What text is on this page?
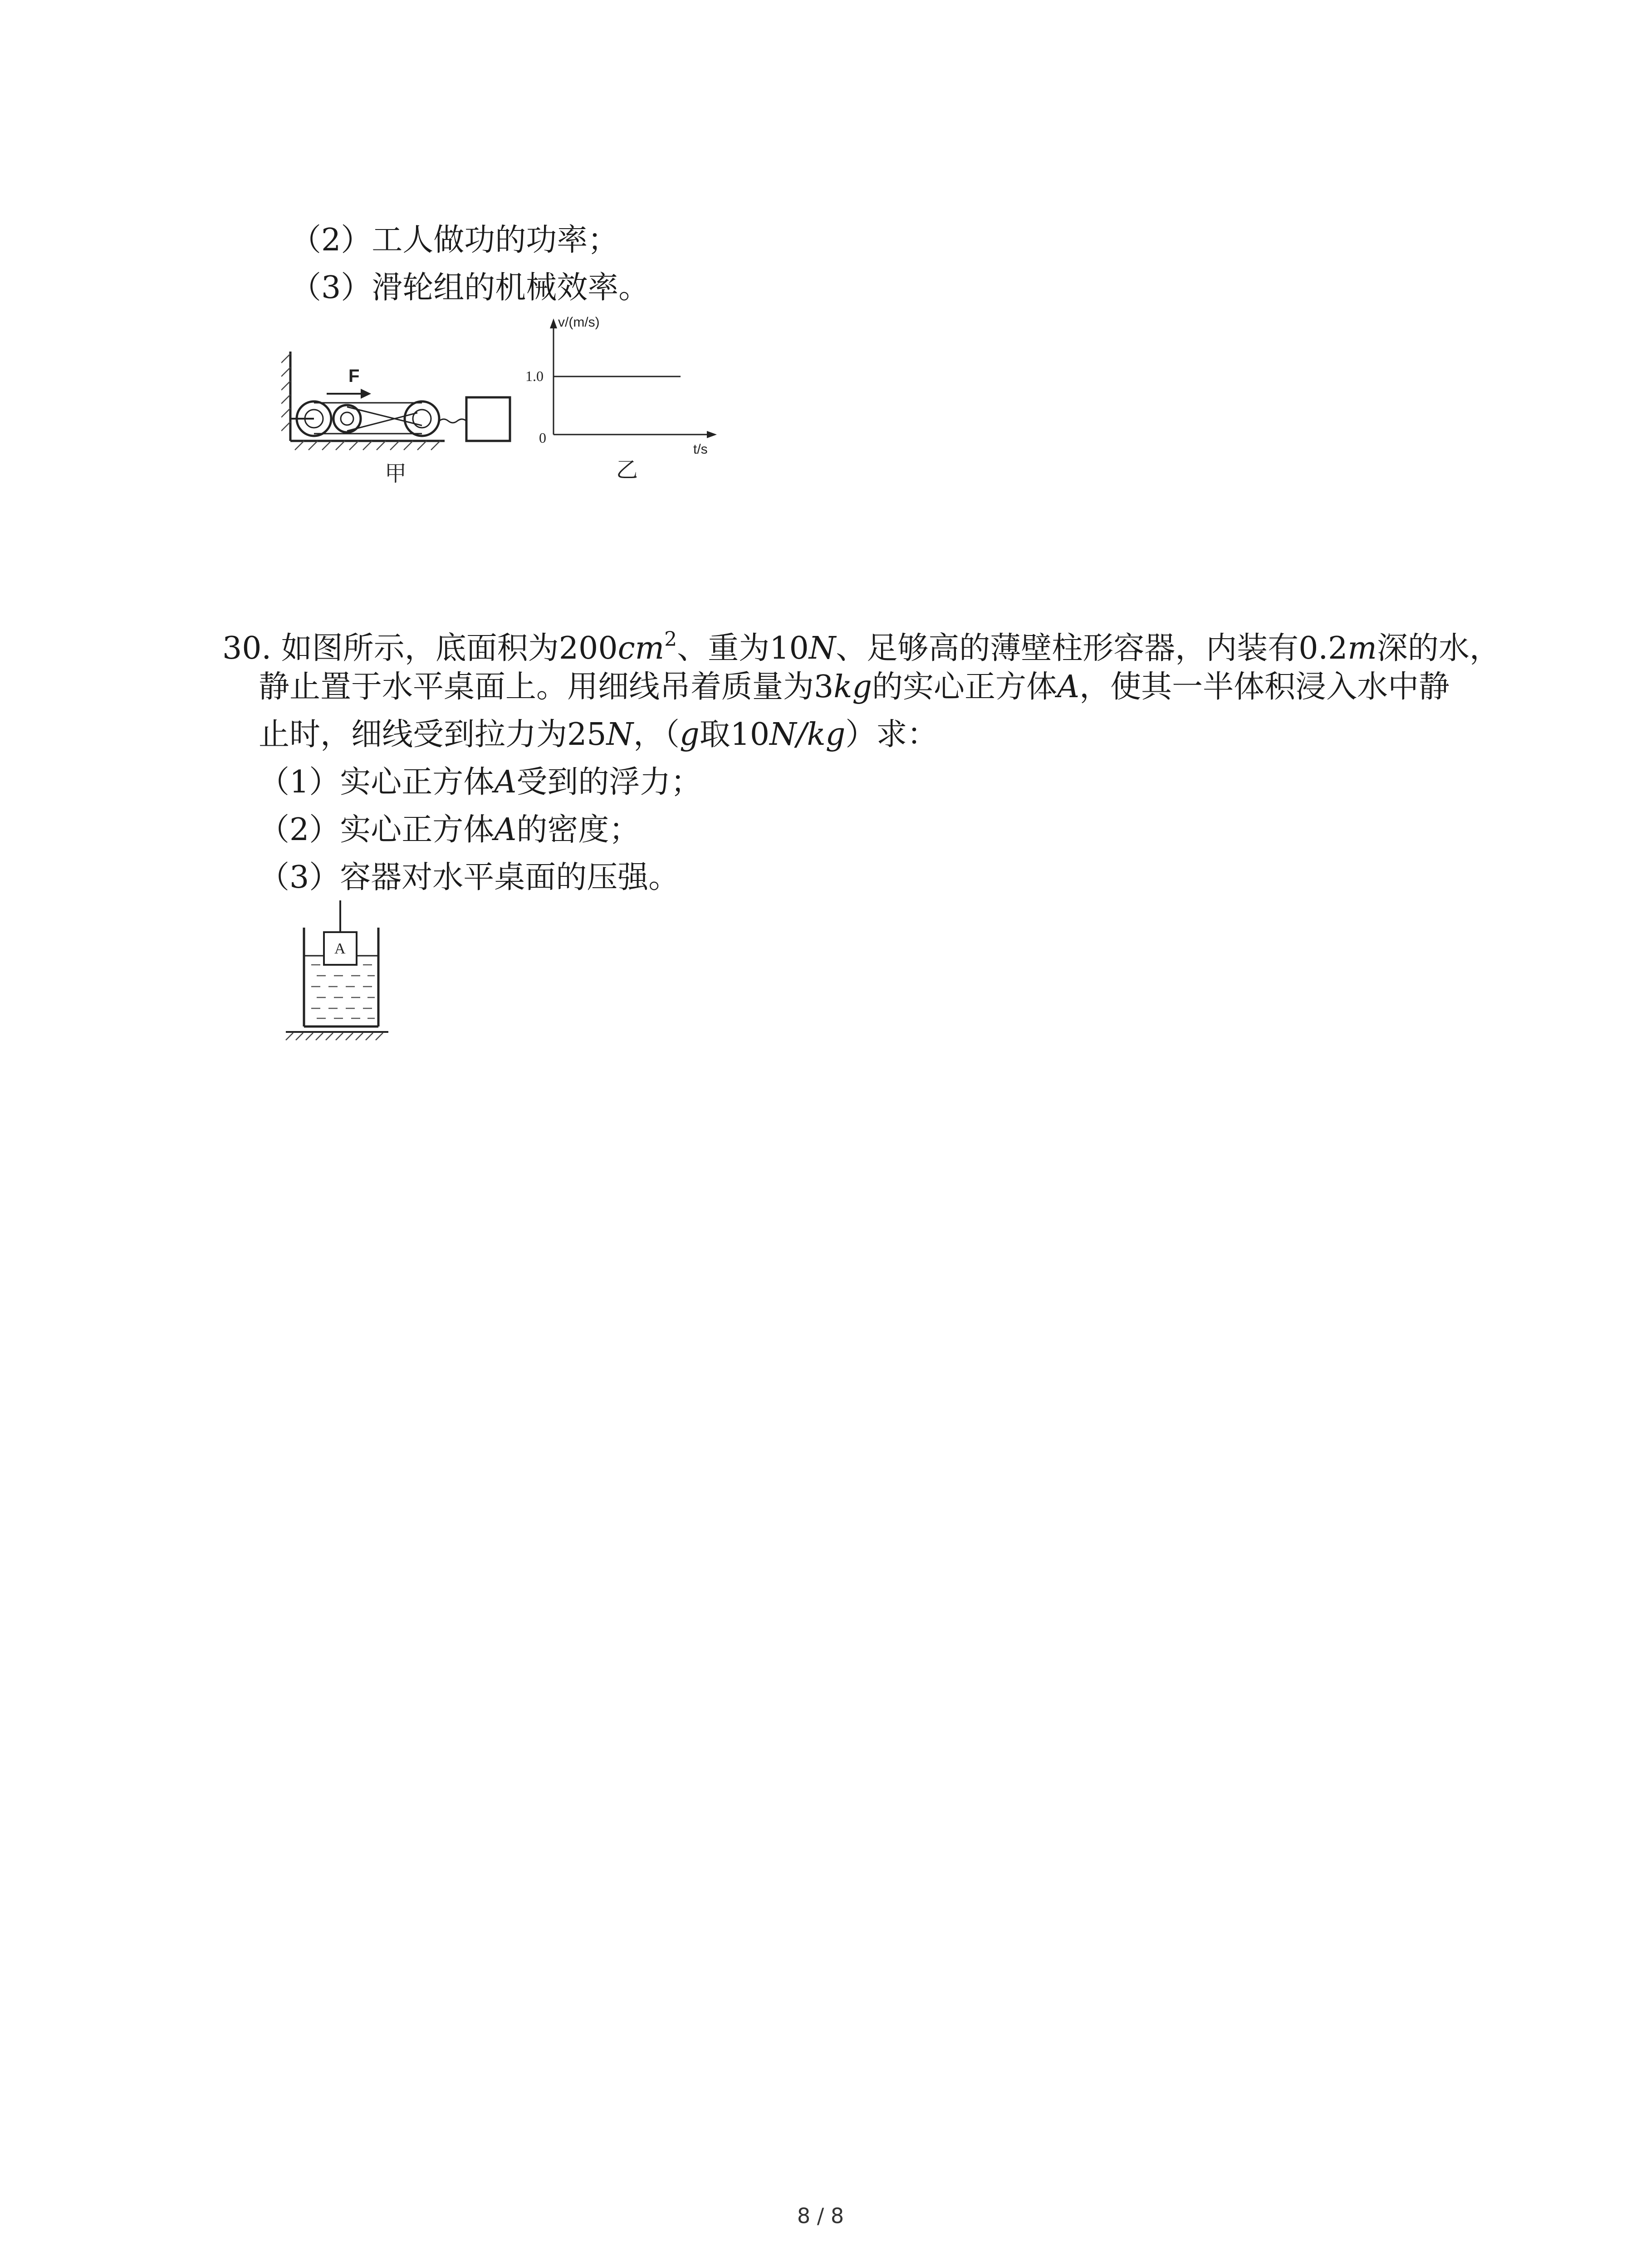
（2）工人做功的功率；
（3）滑轮组的机械效率。
F
甲
v/(m/s)
t/s
1.0
0
乙
30. 如图所示，底面积为$200cm^2$、重为10N、足够高的薄壁柱形容器，内装有0.2m深的水，
静止置于水平桌面上。用细线吊着质量为3kg的实心正方体A，使其一半体积浸入水中静
止时，细线受到拉力为25N，（g取10N/kg）求：
（1）实心正方体A受到的浮力；
（2）实心正方体A的密度；
（3）容器对水平桌面的压强。
A
8 / 8
